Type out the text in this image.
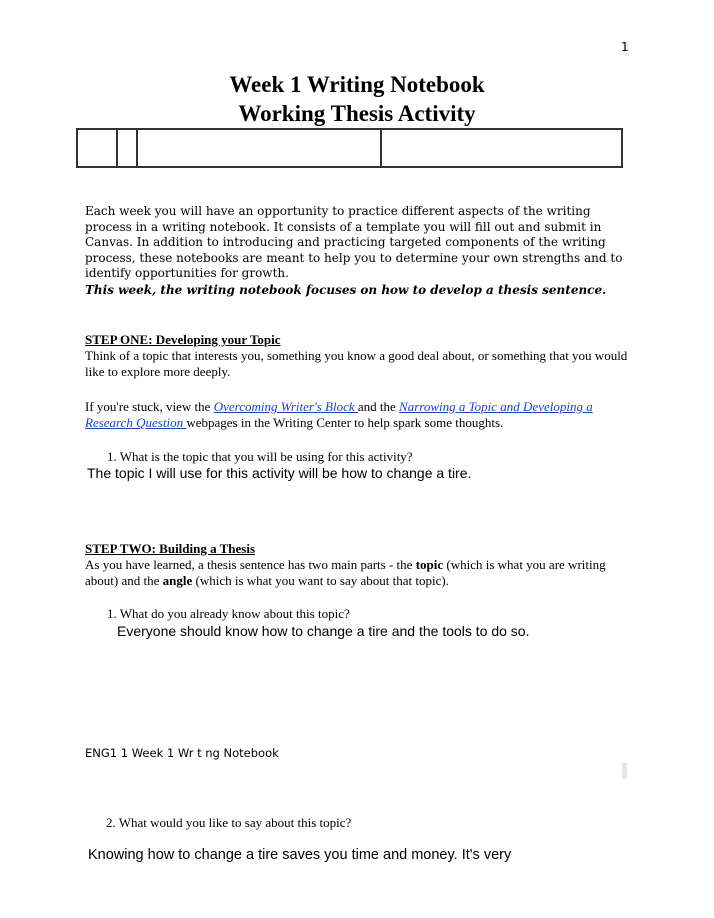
1
Week 1 Writing Notebook
Working Thesis Activity
Each week you will have an opportunity to practice different aspects of the writing process in a writing notebook. It consists of a template you will fill out and submit in Canvas. In addition to introducing and practicing targeted components of the writing process, these notebooks are meant to help you to determine your own strengths and to identify opportunities for growth.
This week, the writing notebook focuses on how to develop a thesis sentence.
STEP ONE: Developing your Topic
Think of a topic that interests you, something you know a good deal about, or something that you would like to explore more deeply.
If you're stuck, view the Overcoming Writer's Block and the Narrowing a Topic and Developing a Research Question webpages in the Writing Center to help spark some thoughts.
1. What is the topic that you will be using for this activity?
The topic I will use for this activity will be how to change a tire.
STEP TWO: Building a Thesis
As you have learned, a thesis sentence has two main parts - the topic (which is what you are writing about) and the angle (which is what you want to say about that topic).
1. What do you already know about this topic?
Everyone should know how to change a tire and the tools to do so.
ENG1 1 Week 1 Wr t ng Notebook
2. What would you like to say about this topic?
Knowing how to change a tire saves you time and money. It's very
